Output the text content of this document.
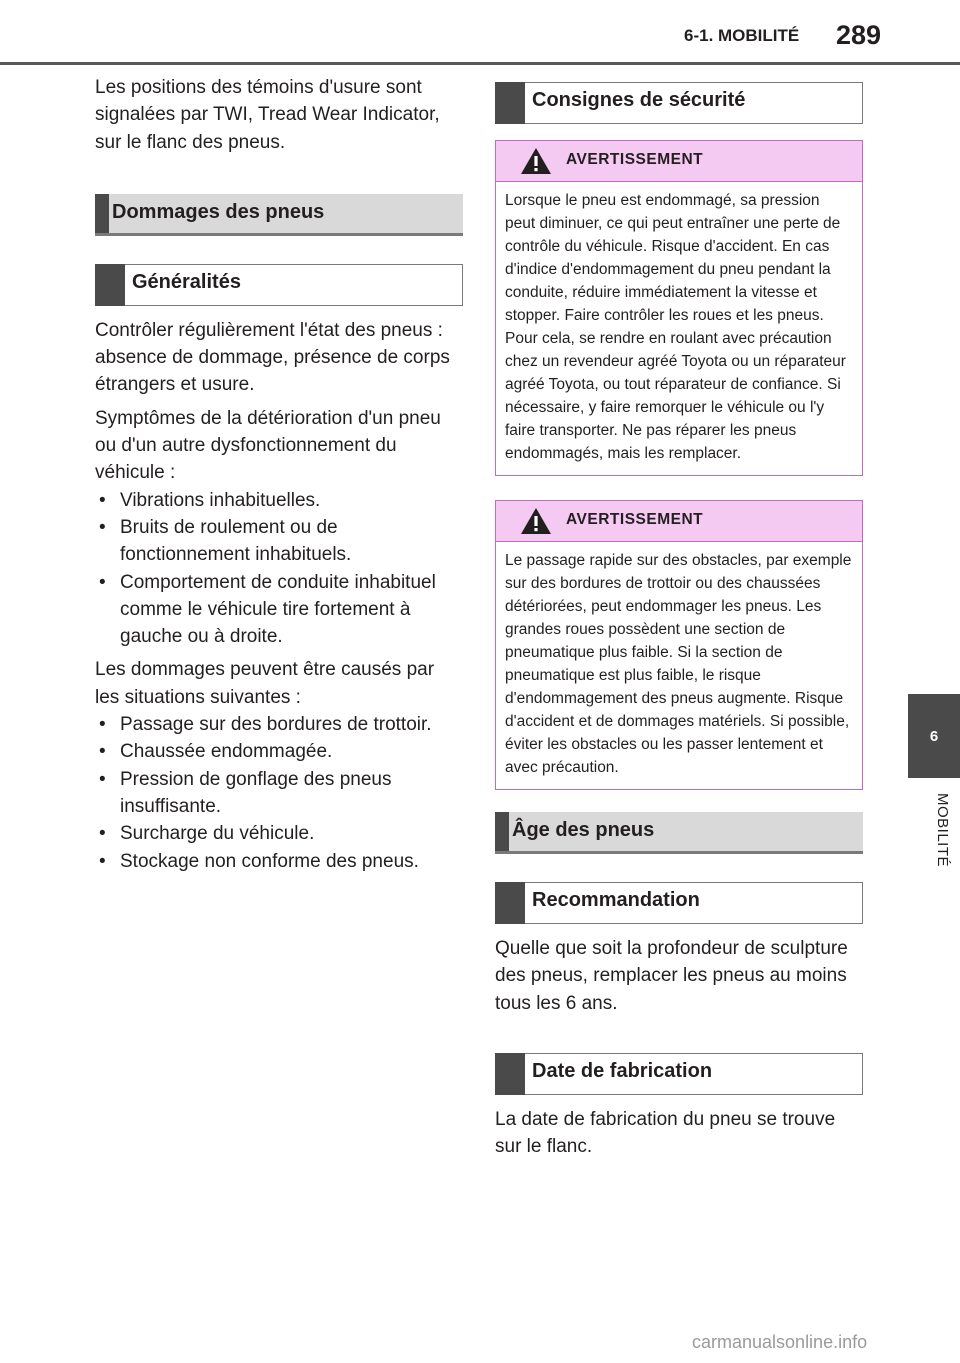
6-1. MOBILITÉ 289
6
MOBILITÉ

Les positions des témoins d'usure sont signalées par TWI, Tread Wear Indicator, sur le flanc des pneus.

Dommages des pneus
Généralités

Contrôler régulièrement l'état des pneus : absence de dommage, présence de corps étrangers et usure.

Symptômes de la détérioration d'un pneu ou d'un autre dysfonctionnement du véhicule :

• Vibrations inhabituelles.
• Bruits de roulement ou de fonctionnement inhabituels.
• Comportement de conduite inhabituel comme le véhicule tire fortement à gauche ou à droite.

Les dommages peuvent être causés par les situations suivantes :

• Passage sur des bordures de trottoir.
• Chaussée endommagée.
• Pression de gonflage des pneus insuffisante.
• Surcharge du véhicule.
• Stockage non conforme des pneus.
Consignes de sécurité
AVERTISSEMENT
Lorsque le pneu est endommagé, sa pression peut diminuer, ce qui peut entraîner une perte de contrôle du véhicule. Risque d'accident. En cas d'indice d'endommagement du pneu pendant la conduite, réduire immédiatement la vitesse et stopper. Faire contrôler les roues et les pneus. Pour cela, se rendre en roulant avec précaution chez un revendeur agréé Toyota ou un réparateur agréé Toyota, ou tout réparateur de confiance. Si nécessaire, y faire remorquer le véhicule ou l'y faire transporter. Ne pas réparer les pneus endommagés, mais les remplacer.
AVERTISSEMENT
Le passage rapide sur des obstacles, par exemple sur des bordures de trottoir ou des chaussées détériorées, peut endommager les pneus. Les grandes roues possèdent une section de pneumatique plus faible. Si la section de pneumatique est plus faible, le risque d'endommagement des pneus augmente. Risque d'accident et de dommages matériels. Si possible, éviter les obstacles ou les passer lentement et avec précaution.
Âge des pneus
Recommandation

Quelle que soit la profondeur de sculpture des pneus, remplacer les pneus au moins tous les 6 ans.

Date de fabrication

La date de fabrication du pneu se trouve sur le flanc.

carmanualsonline.info
